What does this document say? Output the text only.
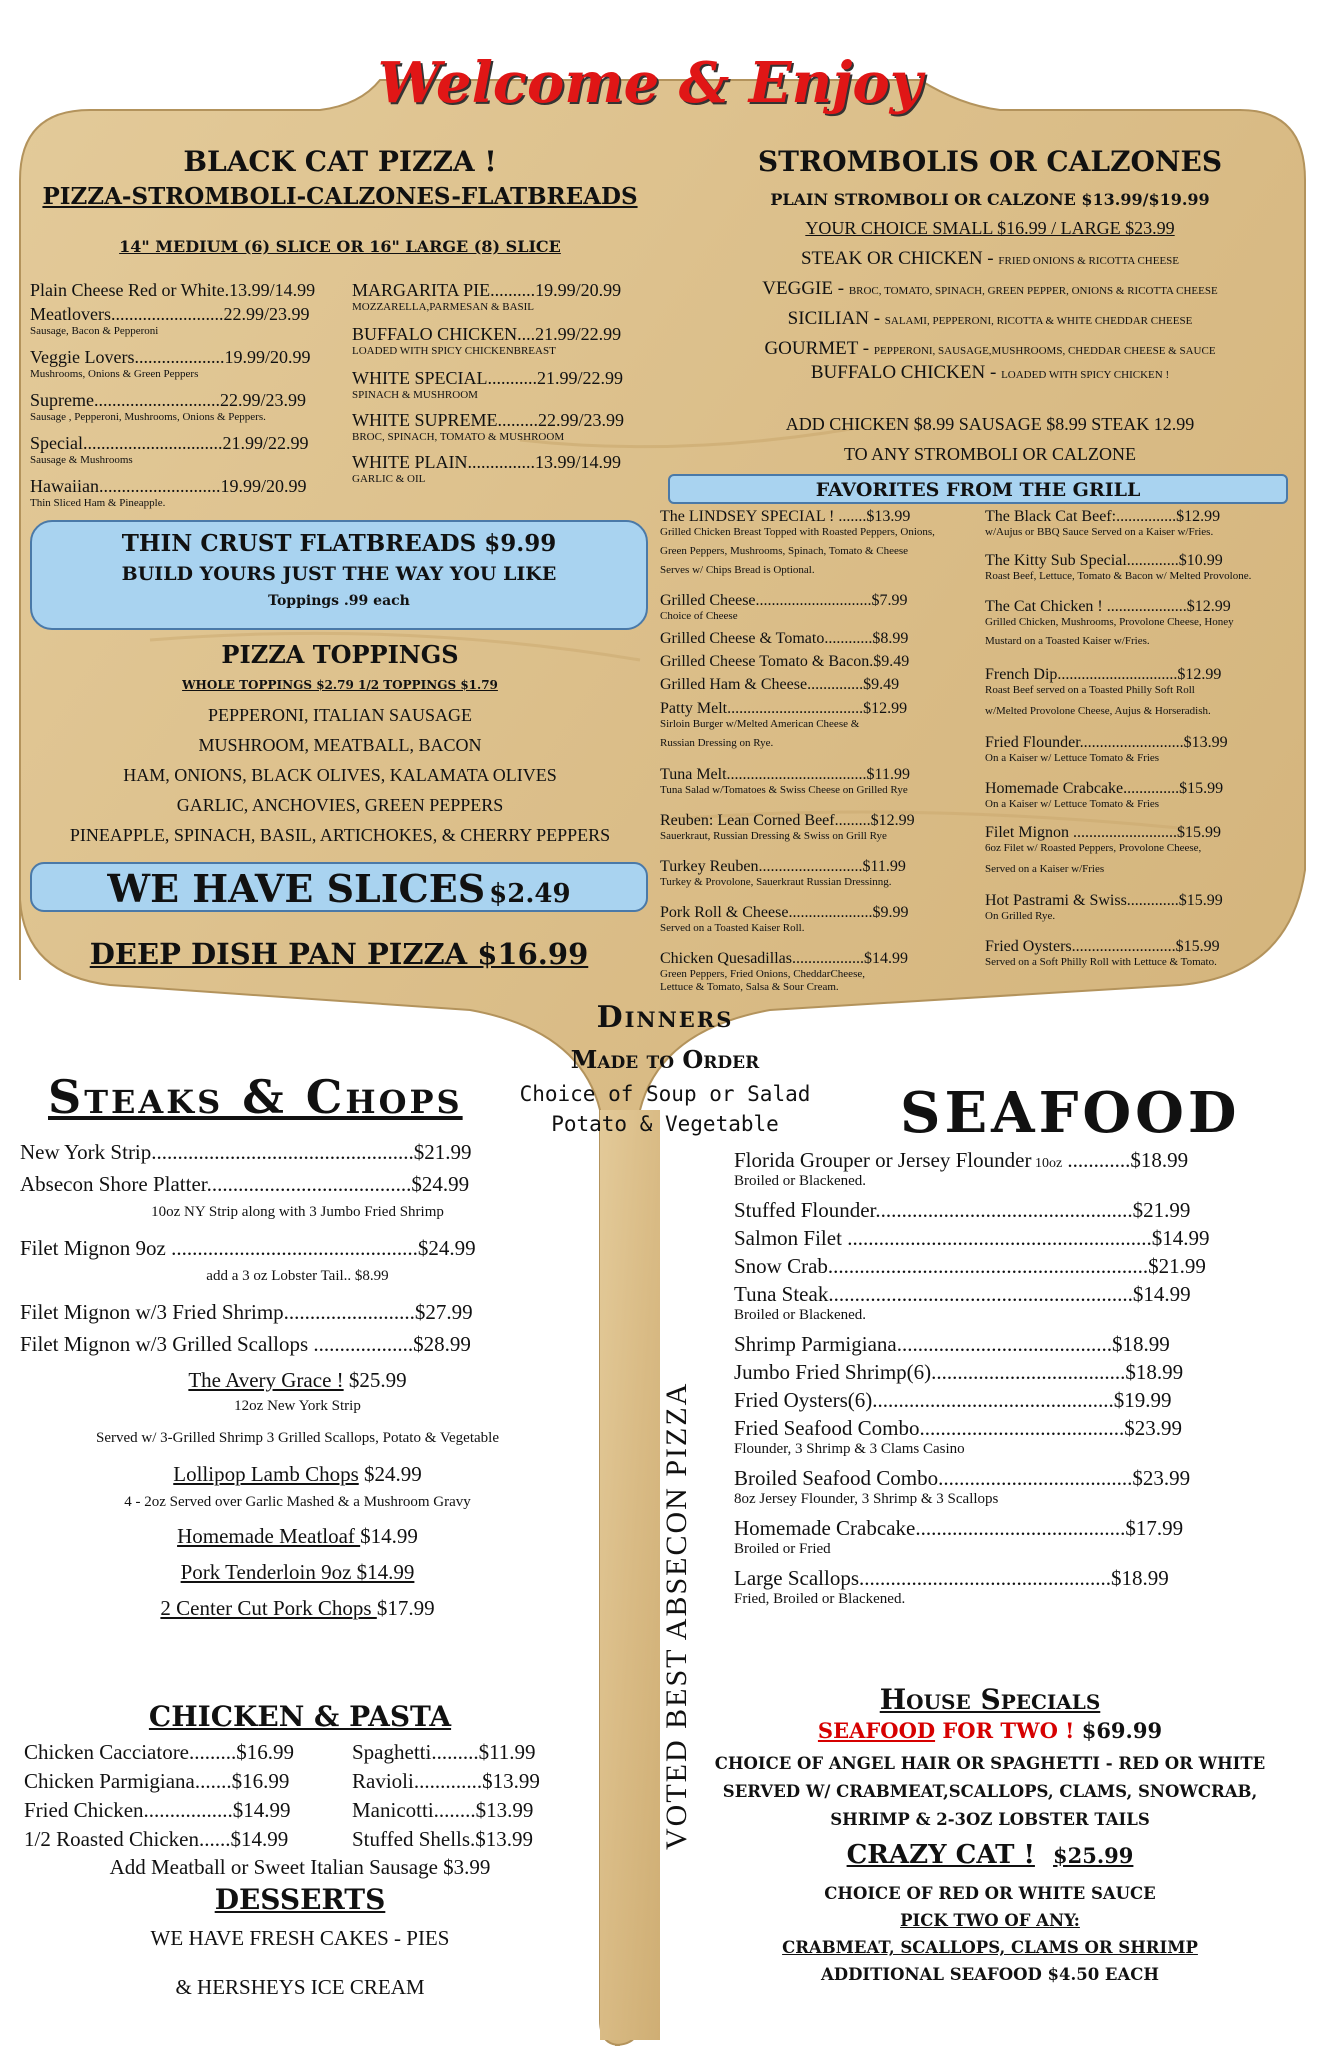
Welcome & Enjoy
BLACK CAT PIZZA !
PIZZA-STROMBOLI-CALZONES-FLATBREADS
14" MEDIUM (6) SLICE OR 16" LARGE (8) SLICE
Plain Cheese Red or White.13.99/14.99
Meatlovers.........................22.99/23.99
Sausage, Bacon & Pepperoni
Veggie Lovers....................19.99/20.99
Mushrooms, Onions & Green Peppers
Supreme............................22.99/23.99
Sausage , Pepperoni, Mushrooms, Onions & Peppers.
Special...............................21.99/22.99
Sausage & Mushrooms
Hawaiian...........................19.99/20.99
Thin Sliced Ham & Pineapple.
MARGARITA PIE..........19.99/20.99
MOZZARELLA,PARMESAN & BASIL
BUFFALO CHICKEN....21.99/22.99
LOADED WITH SPICY CHICKENBREAST
WHITE SPECIAL...........21.99/22.99
SPINACH & MUSHROOM
WHITE SUPREME.........22.99/23.99
BROC, SPINACH, TOMATO & MUSHROOM
WHITE PLAIN...............13.99/14.99
GARLIC & OIL
THIN CRUST FLATBREADS $9.99
BUILD YOURS JUST THE WAY YOU LIKE
Toppings .99 each
PIZZA TOPPINGS
WHOLE TOPPINGS $2.79 1/2 TOPPINGS $1.79
PEPPERONI, ITALIAN SAUSAGE
MUSHROOM, MEATBALL, BACON
HAM, ONIONS, BLACK OLIVES, KALAMATA OLIVES
GARLIC, ANCHOVIES, GREEN PEPPERS
PINEAPPLE, SPINACH, BASIL, ARTICHOKES, & CHERRY PEPPERS
WE HAVE SLICES $2.49
DEEP DISH PAN PIZZA $16.99
STROMBOLIS OR CALZONES
PLAIN STROMBOLI OR CALZONE $13.99/$19.99
YOUR CHOICE SMALL $16.99 / LARGE $23.99
STEAK OR CHICKEN - FRIED ONIONS & RICOTTA CHEESE
VEGGIE - BROC, TOMATO, SPINACH, GREEN PEPPER, ONIONS & RICOTTA CHEESE
SICILIAN - SALAMI, PEPPERONI, RICOTTA & WHITE CHEDDAR CHEESE
GOURMET - PEPPERONI, SAUSAGE,MUSHROOMS, CHEDDAR CHEESE & SAUCE
BUFFALO CHICKEN - LOADED WITH SPICY CHICKEN !
ADD CHICKEN $8.99 SAUSAGE $8.99 STEAK 12.99
TO ANY STROMBOLI OR CALZONE
FAVORITES FROM THE GRILL
The LINDSEY SPECIAL ! .......$13.99
Grilled Chicken Breast Topped with Roasted Peppers, Onions,
Green Peppers, Mushrooms, Spinach, Tomato & Cheese
Serves w/ Chips Bread is Optional.
Grilled Cheese.............................$7.99
Choice of Cheese
Grilled Cheese & Tomato............$8.99
Grilled Cheese Tomato & Bacon.$9.49
Grilled Ham & Cheese..............$9.49
Patty Melt..................................$12.99
Sirloin Burger w/Melted American Cheese &
Russian Dressing on Rye.
Tuna Melt...................................$11.99
Tuna Salad w/Tomatoes & Swiss Cheese on Grilled Rye
Reuben: Lean Corned Beef.........$12.99
Sauerkraut, Russian Dressing & Swiss on Grill Rye
Turkey Reuben..........................$11.99
Turkey & Provolone, Sauerkraut Russian Dressinng.
Pork Roll & Cheese.....................$9.99
Served on a Toasted Kaiser Roll.
Chicken Quesadillas..................$14.99
Green Peppers, Fried Onions, CheddarCheese,
Lettuce & Tomato, Salsa & Sour Cream.
The Black Cat Beef:...............$12.99
w/Aujus or BBQ Sauce Served on a Kaiser w/Fries.
The Kitty Sub Special.............$10.99
Roast Beef, Lettuce, Tomato & Bacon w/ Melted Provolone.
The Cat Chicken ! ....................$12.99
Grilled Chicken, Mushrooms, Provolone Cheese, Honey
Mustard on a Toasted Kaiser w/Fries.
French Dip..............................$12.99
Roast Beef served on a Toasted Philly Soft Roll
w/Melted Provolone Cheese, Aujus & Horseradish.
Fried Flounder..........................$13.99
On a Kaiser w/ Lettuce Tomato & Fries
Homemade Crabcake..............$15.99
On a Kaiser w/ Lettuce Tomato & Fries
Filet Mignon ..........................$15.99
6oz Filet w/ Roasted Peppers, Provolone Cheese,
Served on a Kaiser w/Fries
Hot Pastrami & Swiss.............$15.99
On Grilled Rye.
Fried Oysters..........................$15.99
Served on a Soft Philly Roll with Lettuce & Tomato.
Dinners
Made to Order
Choice of Soup or Salad
Potato & Vegetable
Steaks & Chops
New York Strip..................................................$21.99
Absecon Shore Platter.......................................$24.99
10oz NY Strip along with 3 Jumbo Fried Shrimp
Filet Mignon 9oz ...............................................$24.99
add a 3 oz Lobster Tail.. $8.99
Filet Mignon w/3 Fried Shrimp.........................$27.99
Filet Mignon w/3 Grilled Scallops ...................$28.99
The Avery Grace ! $25.99
12oz New York Strip
Served w/ 3-Grilled Shrimp 3 Grilled Scallops, Potato & Vegetable
Lollipop Lamb Chops $24.99
4 - 2oz Served over Garlic Mashed & a Mushroom Gravy
Homemade Meatloaf $14.99
Pork Tenderloin 9oz $14.99
2 Center Cut Pork Chops $17.99
CHICKEN & PASTA
Chicken Cacciatore.........$16.99
Chicken Parmigiana.......$16.99
Fried Chicken.................$14.99
1/2 Roasted Chicken......$14.99
Spaghetti.........$11.99
Ravioli.............$13.99
Manicotti........$13.99
Stuffed Shells.$13.99
Add Meatball or Sweet Italian Sausage $3.99
DESSERTS
WE HAVE FRESH CAKES - PIES
& HERSHEYS ICE CREAM
VOTED BEST ABSECON PIZZA
SEAFOOD
Florida Grouper or Jersey Flounder 10oz ............$18.99
Broiled or Blackened.
Stuffed Flounder.................................................$21.99
Salmon Filet ..........................................................$14.99
Snow Crab.............................................................$21.99
Tuna Steak..........................................................$14.99
Broiled or Blackened.
Shrimp Parmigiana.........................................$18.99
Jumbo Fried Shrimp(6).....................................$18.99
Fried Oysters(6)..............................................$19.99
Fried Seafood Combo.......................................$23.99
Flounder, 3 Shrimp & 3 Clams Casino
Broiled Seafood Combo.....................................$23.99
8oz Jersey Flounder, 3 Shrimp & 3 Scallops
Homemade Crabcake........................................$17.99
Broiled or Fried
Large Scallops................................................$18.99
Fried, Broiled or Blackened.
House Specials
SEAFOOD FOR TWO ! $69.99
CHOICE OF ANGEL HAIR OR SPAGHETTI - RED OR WHITE
SERVED W/ CRABMEAT,SCALLOPS, CLAMS, SNOWCRAB,
SHRIMP & 2-3OZ LOBSTER TAILS
CRAZY CAT ! $25.99
CHOICE OF RED OR WHITE SAUCE
PICK TWO OF ANY:
CRABMEAT, SCALLOPS, CLAMS OR SHRIMP
ADDITIONAL SEAFOOD $4.50 EACH
